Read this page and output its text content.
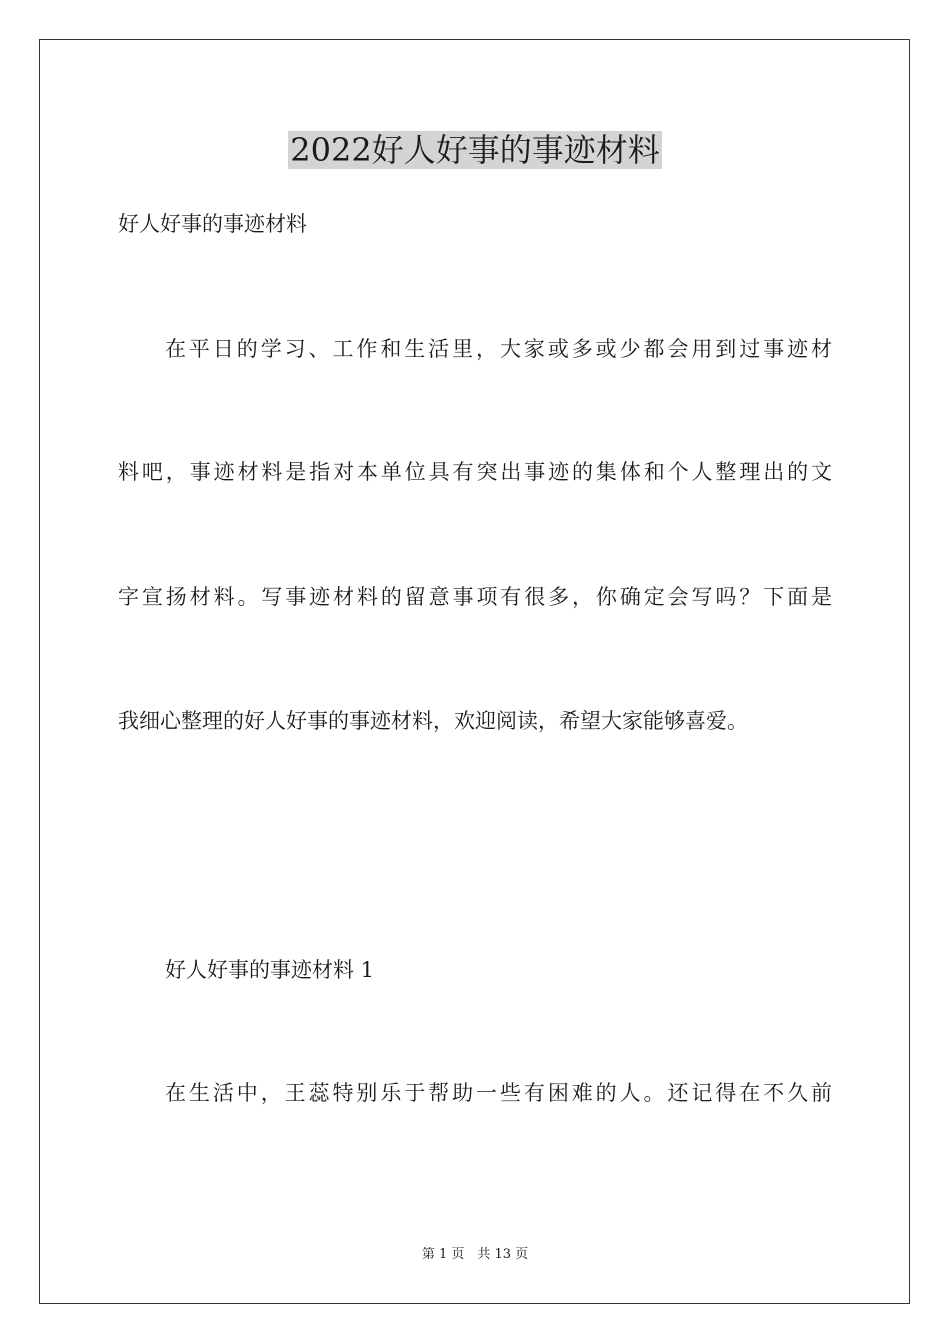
2022好人好事的事迹材料
好人好事的事迹材料
在平日的学习、工作和生活里，大家或多或少都会用到过事迹材
料吧，事迹材料是指对本单位具有突出事迹的集体和个人整理出的文
字宣扬材料。写事迹材料的留意事项有很多，你确定会写吗？下面是
我细心整理的好人好事的事迹材料，欢迎阅读，希望大家能够喜爱。
好人好事的事迹材料 1
在生活中，王蕊特别乐于帮助一些有困难的人。还记得在不久前
第 1 页　共 13 页
